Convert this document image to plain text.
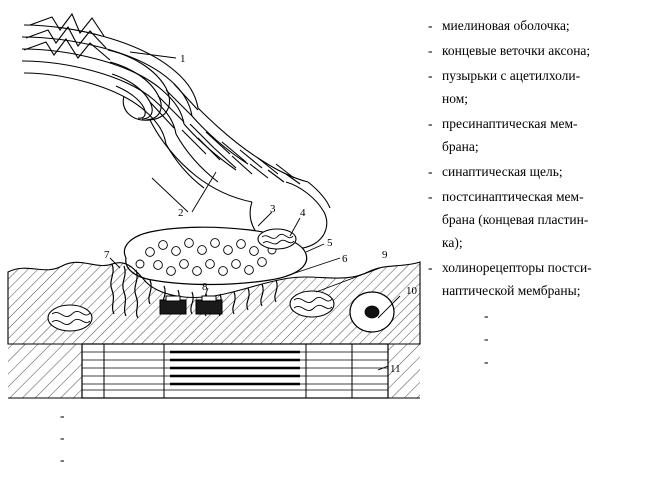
1
2	3 4
5
6	9
7
8	10
11
- миелиновая оболочка;
- концевые веточки аксона;
- пузырьки с ацетилхоли-
ном;
- пресинаптическая мем-
брана;
- синаптическая щель;
- постсинаптическая мем-
брана (концевая пластин-
ка);
- холинорецепторы постси-
наптической мембраны;
-
-
-
-
-
-
